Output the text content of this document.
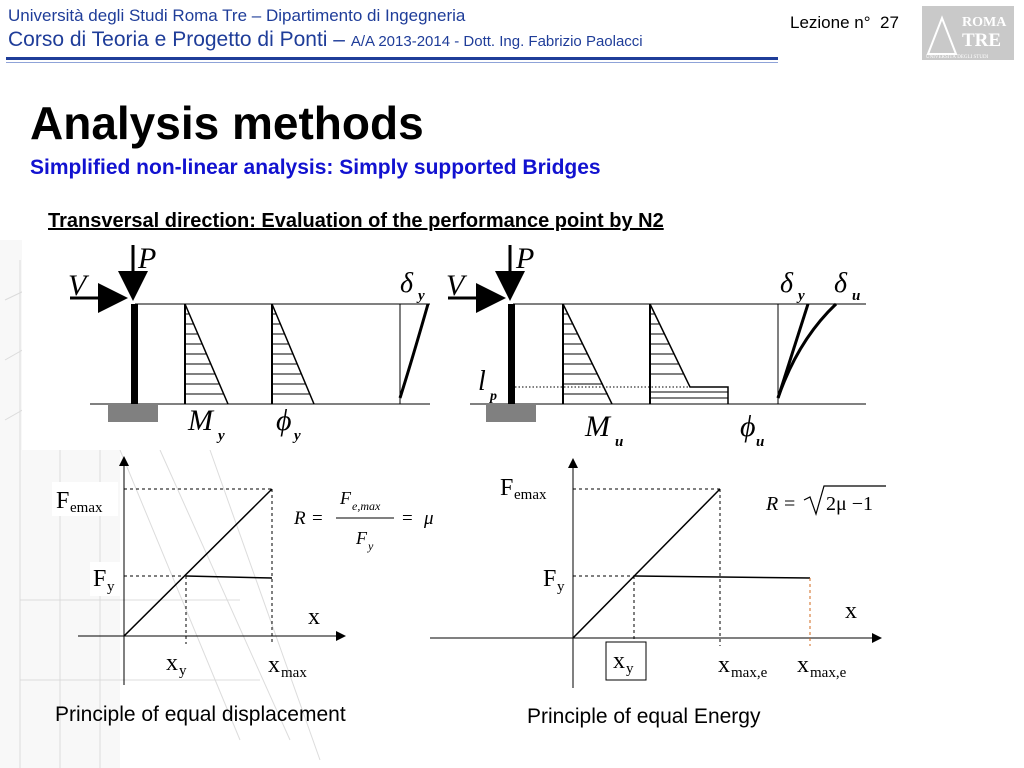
Università degli Studi Roma Tre – Dipartimento di Ingegneria
Corso di Teoria e Progetto di Ponti – A/A 2013-2014 - Dott. Ing. Fabrizio Paolacci
Lezione n° 27	ROMA
TRE
UNIVERSITÀ DEGLI STUDI
Analysis methods
Simplified non-linear analysis: Simply supported Bridges
Transversal direction: Evaluation of the performance point by N2
V
P
δ y
M y ϕ y
V
P
l p
δ y δ u
M u	ϕ u
F emax
F y
x y	x max
x
R =
F e,max
F y
= μ
F emax
F y
x y	x max,e x max,e
x
R = 2μ −1
Principle of equal displacement	Principle of equal Energy
